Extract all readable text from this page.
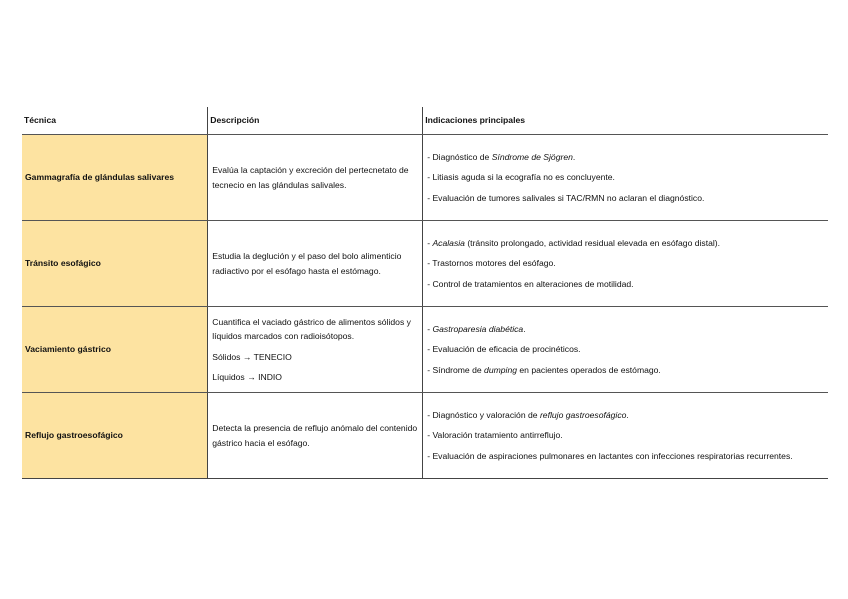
Técnica	Descripción	Indicaciones principales
Gammagrafía de glándulas salivares	Evalúa la captación y excreción del pertecnetato de tecnecio en las glándulas salivales.	- Diagnóstico de Síndrome de Sjögren.
- Litiasis aguda si la ecografía no es concluyente.
- Evaluación de tumores salivales si TAC/RMN no aclaran el diagnóstico.

Tránsito esofágico	Estudia la deglución y el paso del bolo alimenticio radiactivo por el esófago hasta el estómago.	- Acalasia (tránsito prolongado, actividad residual elevada en esófago distal).
- Trastornos motores del esófago.
- Control de tratamientos en alteraciones de motilidad.

Vaciamiento gástrico	Cuantifica el vaciado gástrico de alimentos sólidos y líquidos marcados con radioisótopos.
Sólidos → TENECIO
Líquidos → INDIO	- Gastroparesia diabética.
- Evaluación de eficacia de procinéticos.
- Síndrome de dumping en pacientes operados de estómago.

Reflujo gastroesofágico	Detecta la presencia de reflujo anómalo del contenido gástrico hacia el esófago.	- Diagnóstico y valoración de reflujo gastroesofágico.
- Valoración tratamiento antirreflujo.
- Evaluación de aspiraciones pulmonares en lactantes con infecciones respiratorias recurrentes.
